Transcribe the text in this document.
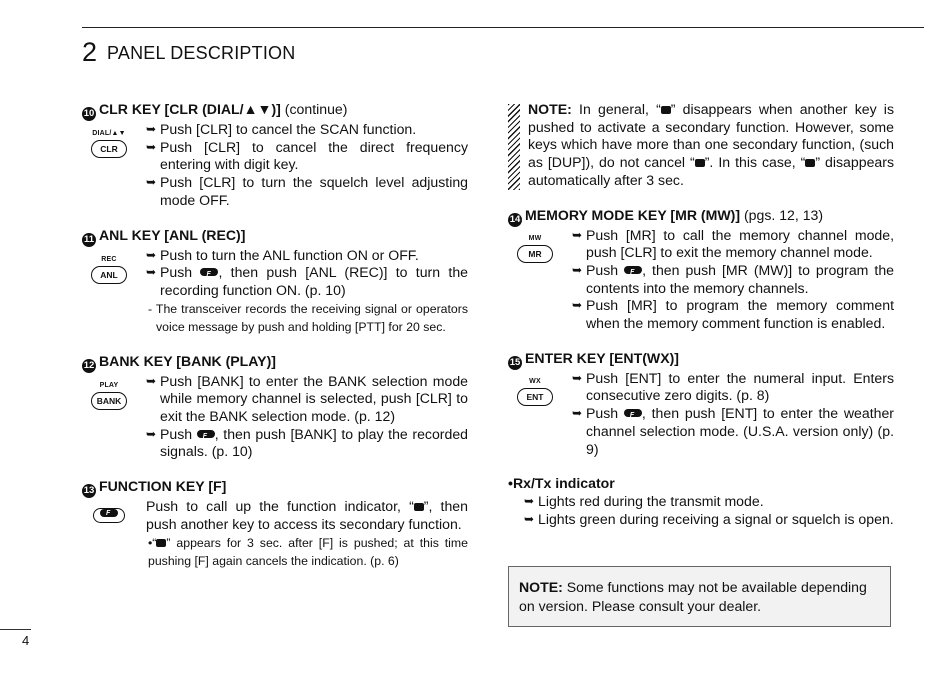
2 PANEL DESCRIPTION
10 CLR KEY [CLR (DIAL/▲▼)] (continue)
DIAL/▲▼
CLR
➥ Push [CLR] to cancel the SCAN function.
➥ Push [CLR] to cancel the direct frequency entering with digit key.
➥ Push [CLR] to turn the squelch level adjusting mode OFF.
11 ANL KEY [ANL (REC)]
REC
ANL
➥ Push to turn the ANL function ON or OFF.
➥ Push F , then push [ANL (REC)] to turn the recording function ON. (p. 10)
- The transceiver records the receiving signal or operators voice message by push and holding [PTT] for 20 sec.
12 BANK KEY [BANK (PLAY)]
PLAY
BANK
➥ Push [BANK] to enter the BANK selection mode while memory channel is selected, push [CLR] to exit the BANK selection mode. (p. 12)
➥ Push F , then push [BANK] to play the recorded signals. (p. 10)
13 FUNCTION KEY [F]
F
Push to call up the function indicator, “ ”, then push another key to access its secondary function.
•“ ” appears for 3 sec. after [F] is pushed; at this time pushing [F] again cancels the indication. (p. 6)
NOTE: In general, “ ” disappears when another key is pushed to activate a secondary function. However, some keys which have more than one secondary function, (such as [DUP]), do not cancel “ ”. In this case, “ ” disappears automatically after 3 sec.
14 MEMORY MODE KEY [MR (MW)] (pgs. 12, 13)
MW
MR
➥ Push [MR] to call the memory channel mode, push [CLR] to exit the memory channel mode.
➥ Push F , then push [MR (MW)] to program the contents into the memory channels.
➥ Push [MR] to program the memory comment when the memory comment function is enabled.
15 ENTER KEY [ENT(WX)]
WX
ENT
➥ Push [ENT] to enter the numeral input. Enters consecutive zero digits. (p. 8)
➥ Push F , then push [ENT] to enter the weather channel selection mode. (U.S.A. version only) (p. 9)
•Rx/Tx indicator
➥ Lights red during the transmit mode.
➥ Lights green during receiving a signal or squelch is open.
NOTE: Some functions may not be available depending on version. Please consult your dealer.
4
